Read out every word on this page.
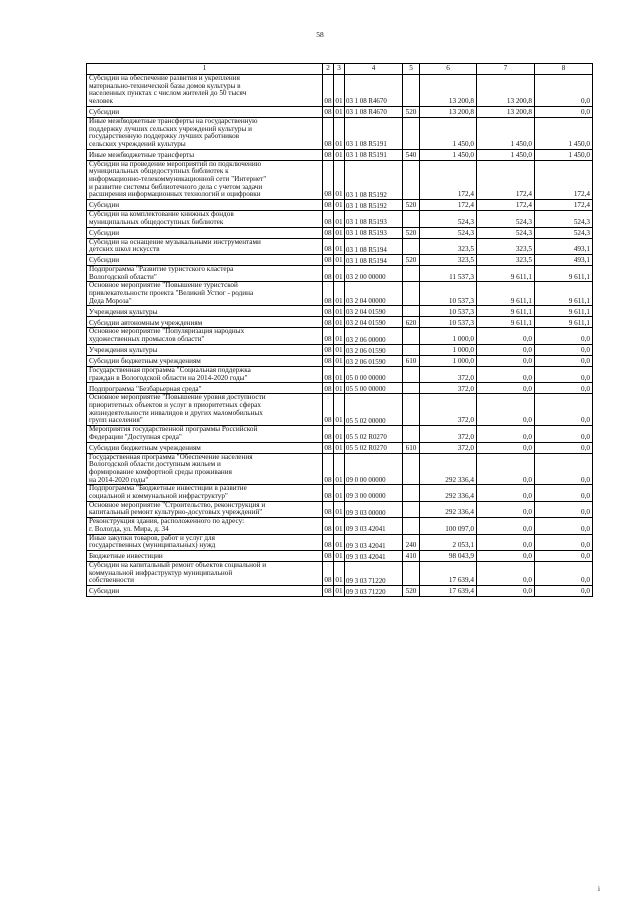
58
1	2	3	4	5	6	7	8
Субсидии на обеспечение развития и укрепления
материально-технической базы домов культуры в
населенных пунктах с числом жителей до 50 тысяч
человек	08	01	03 1 08 R4670		13 200,8	13 200,8	0,0
Субсидии	08	01	03 1 08 R4670	520	13 200,8	13 200,8	0,0
Иные межбюджетные трансферты на государственную
поддержку лучших сельских учреждений культуры и
государственную поддержку лучших работников
сельских учреждений культуры	08	01	03 1 08 R5191		1 450,0	1 450,0	1 450,0
Иные межбюджетные трансферты	08	01	03 1 08 R5191	540	1 450,0	1 450,0	1 450,0
Субсидии на проведение мероприятий по подключению
муниципальных общедоступных библиотек к
информационно-телекоммуникационной сети "Интернет"
и развитие системы библиотечного дела с учетом задачи
расширения информационных технологий и оцифровки	08	01	03 1 08 R5192		172,4	172,4	172,4
Субсидии	08	01	03 1 08 R5192	520	172,4	172,4	172,4
Субсидии на комплектование книжных фондов
муниципальных общедоступных библиотек	08	01	03 1 08 R5193		524,3	524,3	524,3
Субсидии	08	01	03 1 08 R5193	520	524,3	524,3	524,3
Субсидии на оснащение музыкальными инструментами
детских школ искусств	08	01	03 1 08 R5194		323,5	323,5	493,1
Субсидии	08	01	03 1 08 R5194	520	323,5	323,5	493,1
Подпрограмма "Развитие туристского кластера
Вологодской области"	08	01	03 2 00 00000		11 537,3	9 611,1	9 611,1
Основное мероприятие "Повышение туристской
привлекательности проекта "Великий Устюг - родина
Деда Мороза"	08	01	03 2 04 00000		10 537,3	9 611,1	9 611,1
Учреждения культуры	08	01	03 2 04 01590		10 537,3	9 611,1	9 611,1
Субсидии автономным учреждениям	08	01	03 2 04 01590	620	10 537,3	9 611,1	9 611,1
Основное мероприятие "Популяризация народных
художественных промыслов области"	08	01	03 2 06 00000		1 000,0	0,0	0,0
Учреждения культуры	08	01	03 2 06 01590		1 000,0	0,0	0,0
Субсидии бюджетным учреждениям	08	01	03 2 06 01590	610	1 000,0	0,0	0,0
Государственная программа "Социальная поддержка
граждан в Вологодской области на 2014-2020 годы"	08	01	05 0 00 00000		372,0	0,0	0,0
Подпрограмма "Безбарьерная среда"	08	01	05 5 00 00000		372,0	0,0	0,0
Основное мероприятие "Повышение уровня доступности
приоритетных объектов и услуг в приоритетных сферах
жизнедеятельности инвалидов и других маломобильных
групп населения"	08	01	05 5 02 00000		372,0	0,0	0,0
Мероприятия государственной программы Российской
Федерации "Доступная среда"	08	01	05 5 02 R0270		372,0	0,0	0,0
Субсидии бюджетным учреждениям	08	01	05 5 02 R0270	610	372,0	0,0	0,0
Государственная программа "Обеспечение населения
Вологодской области доступным жильем и
формирование комфортной среды проживания
на 2014-2020 годы"	08	01	09 0 00 00000		292 336,4	0,0	0,0
Подпрограмма "Бюджетные инвестиции в развитие
социальной и коммунальной инфраструктур"	08	01	09 3 00 00000		292 336,4	0,0	0,0
Основное мероприятие "Строительство, реконструкция и
капитальный ремонт культурно-досуговых учреждений"	08	01	09 3 03 00000		292 336,4	0,0	0,0
Реконструкция здания, расположенного по адресу:
г. Вологда, ул. Мира, д. 34	08	01	09 3 03 42041		100 097,0	0,0	0,0
Иные закупки товаров, работ и услуг для
государственных (муниципальных) нужд	08	01	09 3 03 42041	240	2 053,1	0,0	0,0
Бюджетные инвестиции	08	01	09 3 03 42041	410	98 043,9	0,0	0,0
Субсидии на капитальный ремонт объектов социальной и
коммунальной инфраструктур муниципальной
собственности	08	01	09 3 03 71220		17 639,4	0,0	0,0
Субсидии	08	01	09 3 03 71220	520	17 639,4	0,0	0,0
i
